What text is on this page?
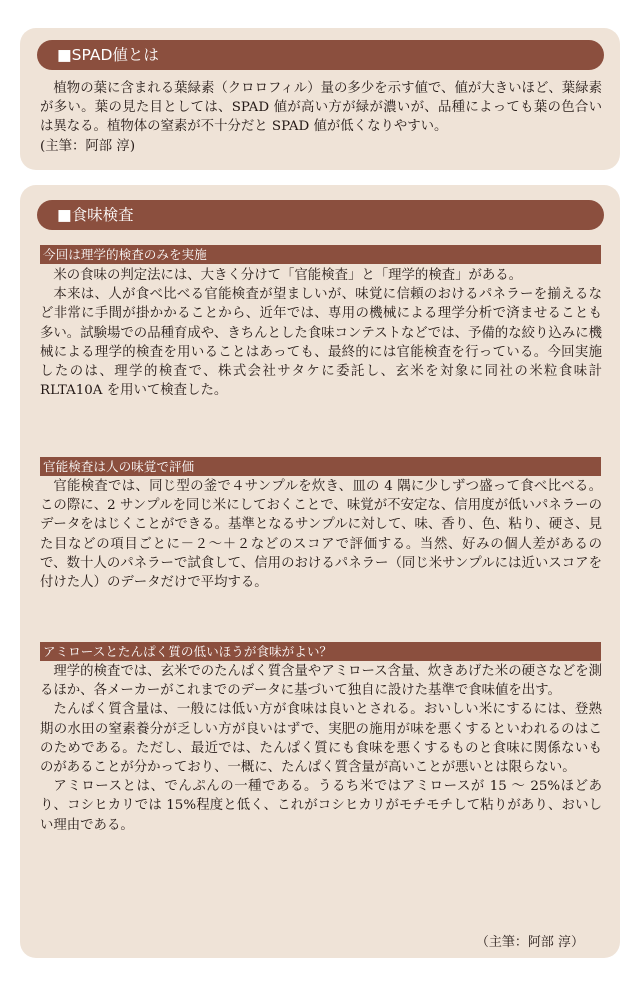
■SPAD値とは

植物の葉に含まれる葉緑素（クロロフィル）量の多少を示す値で、値が大きいほど、葉緑素が多い。葉の見た目としては、SPAD 値が高い方が緑が濃いが、品種によっても葉の色合いは異なる。植物体の窒素が不十分だと SPAD 値が低くなりやすい。

(主筆：阿部 淳)

■食味検査
今回は理学的検査のみを実施

米の食味の判定法には、大きく分けて「官能検査」と「理学的検査」がある。

本来は、人が食べ比べる官能検査が望ましいが、味覚に信頼のおけるパネラーを揃えるなど非常に手間が掛かかることから、近年では、専用の機械による理学分析で済ませることも多い。試験場での品種育成や、きちんとした食味コンテストなどでは、予備的な絞り込みに機械による理学的検査を用いることはあっても、最終的には官能検査を行っている。今回実施したのは、理学的検査で、株式会社サタケに委託し、玄米を対象に同社の米粒食味計 RLTA10A を用いて検査した。

官能検査は人の味覚で評価

官能検査では、同じ型の釜で４サンプルを炊き、皿の 4 隅に少しずつ盛って食べ比べる。この際に、2 サンプルを同じ米にしておくことで、味覚が不安定な、信用度が低いパネラーのデータをはじくことができる。基準となるサンプルに対して、味、香り、色、粘り、硬さ、見た目などの項目ごとに－２～＋２などのスコアで評価する。当然、好みの個人差があるので、数十人のパネラーで試食して、信用のおけるパネラー（同じ米サンプルには近いスコアを付けた人）のデータだけで平均する。

アミロースとたんぱく質の低いほうが食味がよい？

理学的検査では、玄米でのたんぱく質含量やアミロース含量、炊きあげた米の硬さなどを測るほか、各メーカーがこれまでのデータに基づいて独自に設けた基準で食味値を出す。

たんぱく質含量は、一般には低い方が食味は良いとされる。おいしい米にするには、登熟期の水田の窒素養分が乏しい方が良いはずで、実肥の施用が味を悪くするといわれるのはこのためである。ただし、最近では、たんぱく質にも食味を悪くするものと食味に関係ないものがあることが分かっており、一概に、たんぱく質含量が高いことが悪いとは限らない。

アミロースとは、でんぷんの一種である。うるち米ではアミロースが 15 ～ 25%ほどあり、コシヒカリでは 15%程度と低く、これがコシヒカリがモチモチして粘りがあり、おいしい理由である。

（主筆：阿部 淳）
